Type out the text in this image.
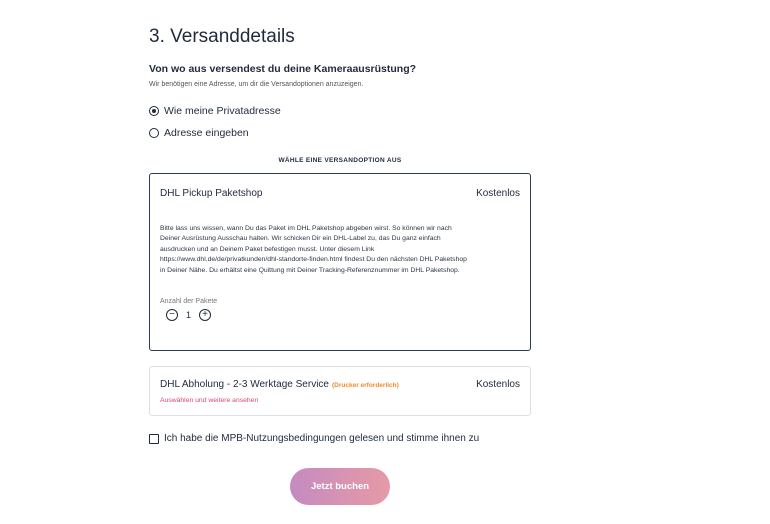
3. Versanddetails
Von wo aus versendest du deine Kameraausrüstung?
Wir benötigen eine Adresse, um dir die Versandoptionen anzuzeigen.
Wie meine Privatadresse
Adresse eingeben
WÄHLE EINE VERSANDOPTION AUS
DHL Pickup Paketshop	Kostenlos
Bitte lass uns wissen, wann Du das Paket im DHL Paketshop abgeben wirst. So können wir nach Deiner Ausrüstung Ausschau halten. Wir schicken Dir ein DHL-Label zu, das Du ganz einfach ausdrucken und an Deinem Paket befestigen musst. Unter diesem Link https://www.dhl.de/de/privatkunden/dhl-standorte-finden.html findest Du den nächsten DHL Paketshop in Deiner Nähe. Du erhältst eine Quittung mit Deiner Tracking-Referenznummer im DHL Paketshop.
Anzahl der Pakete
−	1	+
DHL Abholung - 2-3 Werktage Service (Drucker erforderlich)	Kostenlos
Auswählen und weitere ansehen
Ich habe die MPB-Nutzungsbedingungen gelesen und stimme ihnen zu
Jetzt buchen
